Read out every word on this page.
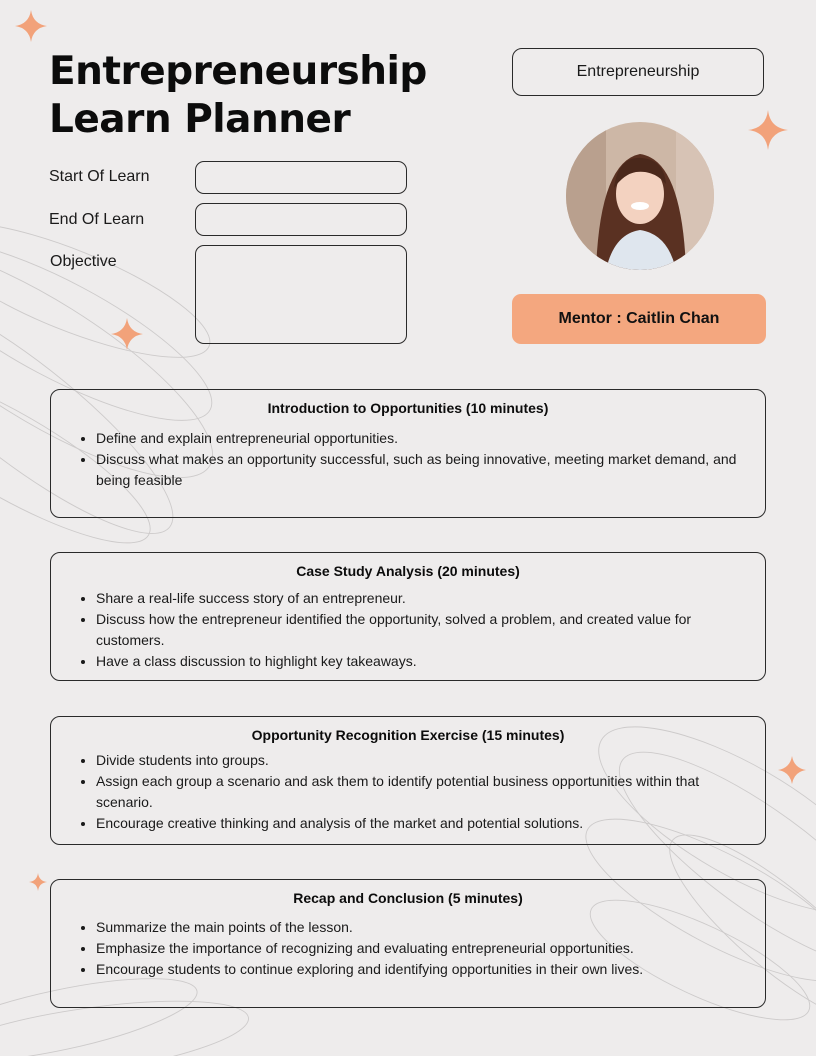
Entrepreneurship
Learn Planner
Start Of Learn
End Of Learn
Objective
Entrepreneurship
Mentor : Caitlin Chan
Introduction to Opportunities (10 minutes)
• Define and explain entrepreneurial opportunities.
• Discuss what makes an opportunity successful, such as being innovative, meeting market demand, and being feasible
Case Study Analysis (20 minutes)
• Share a real-life success story of an entrepreneur.
• Discuss how the entrepreneur identified the opportunity, solved a problem, and created value for customers.
• Have a class discussion to highlight key takeaways.
Opportunity Recognition Exercise (15 minutes)
• Divide students into groups.
• Assign each group a scenario and ask them to identify potential business opportunities within that scenario.
• Encourage creative thinking and analysis of the market and potential solutions.
Recap and Conclusion (5 minutes)
• Summarize the main points of the lesson.
• Emphasize the importance of recognizing and evaluating entrepreneurial opportunities.
• Encourage students to continue exploring and identifying opportunities in their own lives.
